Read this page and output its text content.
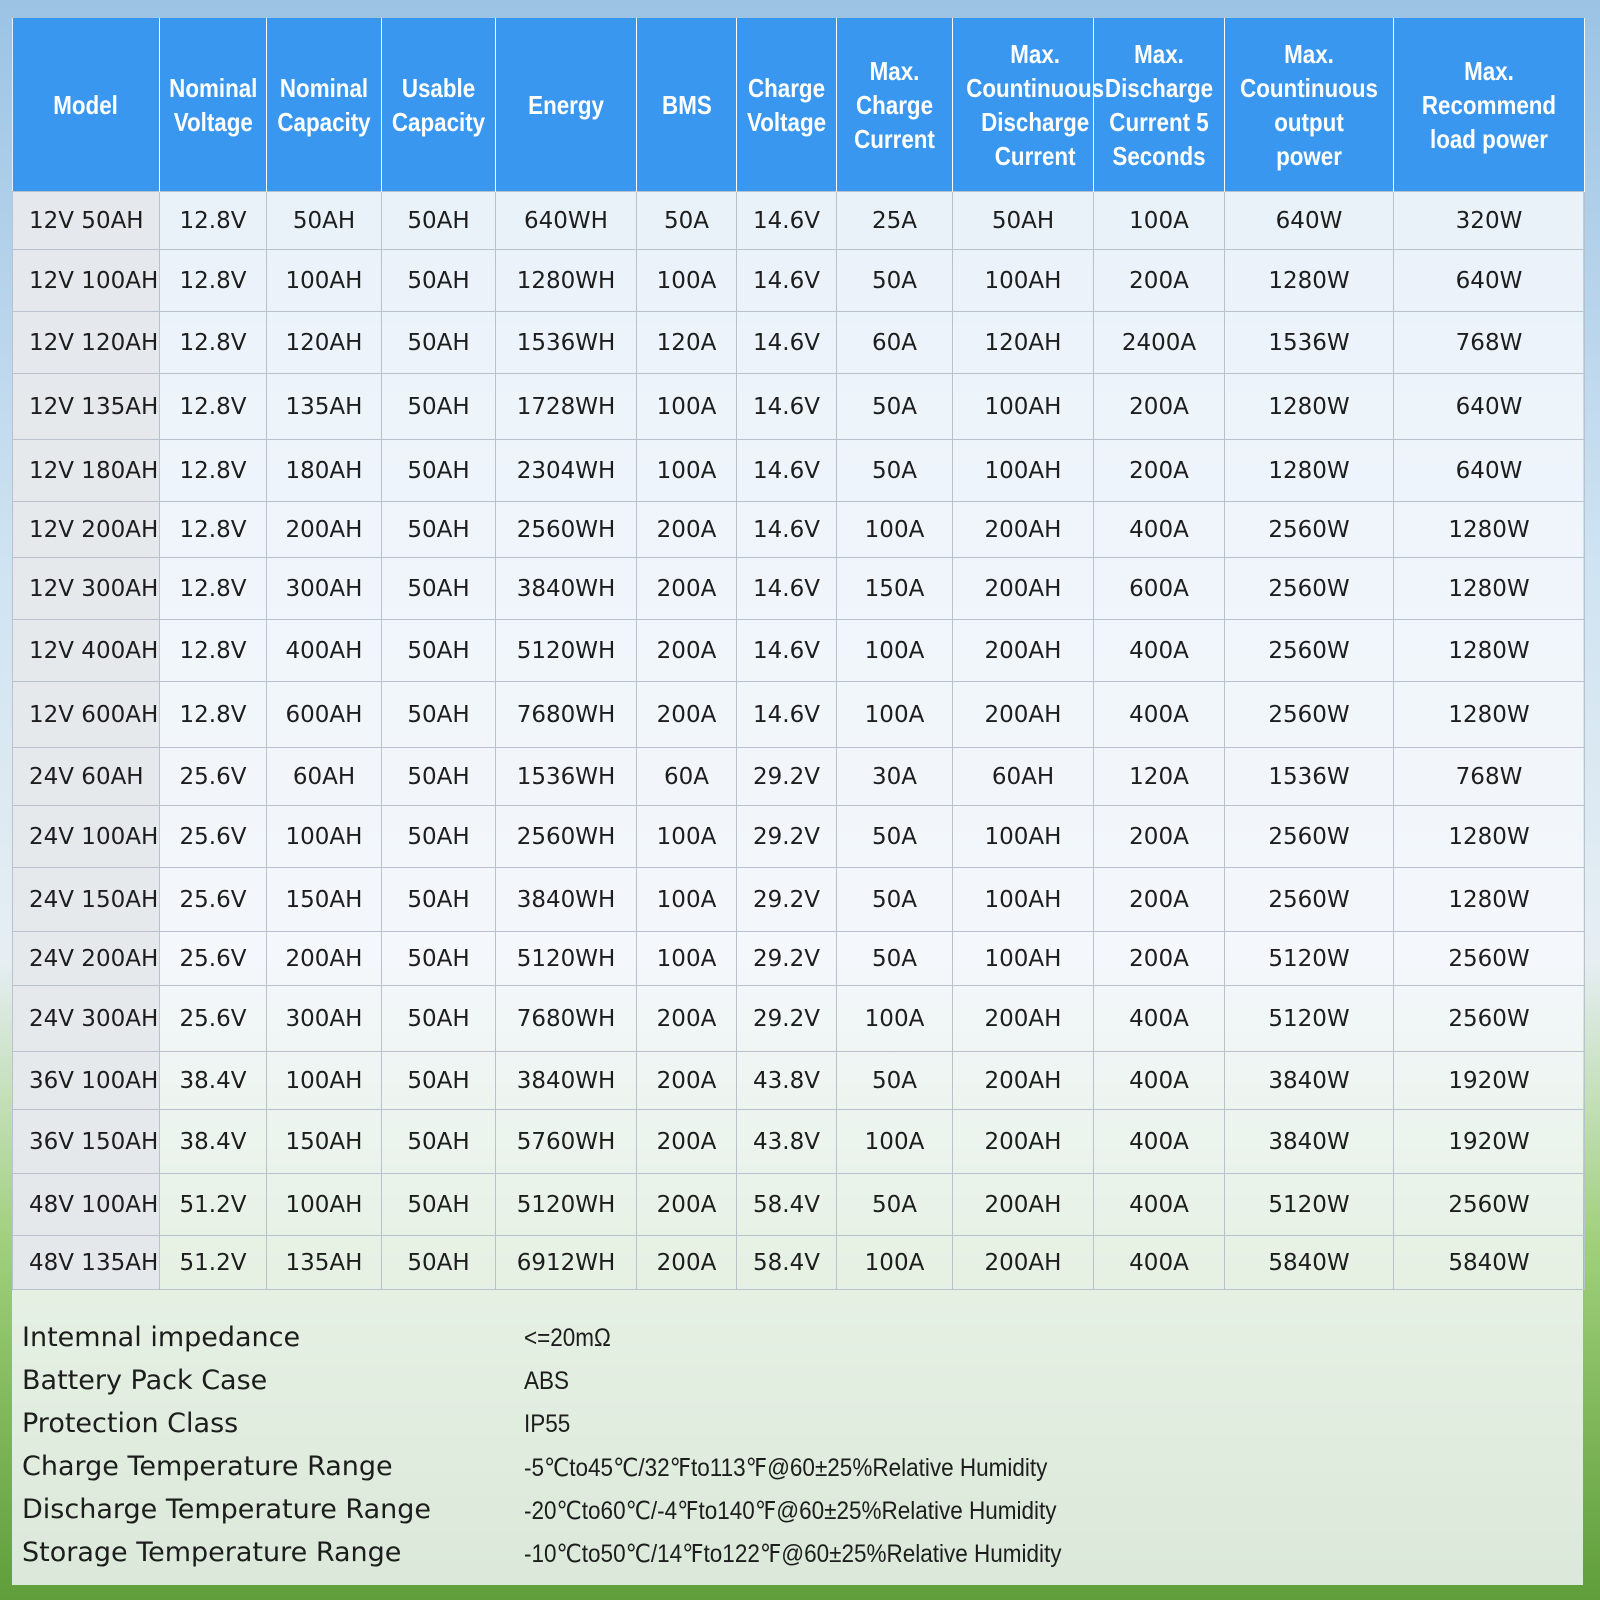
Model	Nominal Voltage	Nominal Capacity	Usable Capacity	Energy	BMS	Charge Voltage	Max. Charge Current	Max. Countinuous Discharge Current	Max. Discharge Current 5 Seconds	Max. Countinuous output power	Max. Recommend load power
12V 50AH	12.8V	50AH	50AH	640WH	50A	14.6V	25A	50AH	100A	640W	320W
12V 100AH	12.8V	100AH	50AH	1280WH	100A	14.6V	50A	100AH	200A	1280W	640W
12V 120AH	12.8V	120AH	50AH	1536WH	120A	14.6V	60A	120AH	2400A	1536W	768W
12V 135AH	12.8V	135AH	50AH	1728WH	100A	14.6V	50A	100AH	200A	1280W	640W
12V 180AH	12.8V	180AH	50AH	2304WH	100A	14.6V	50A	100AH	200A	1280W	640W
12V 200AH	12.8V	200AH	50AH	2560WH	200A	14.6V	100A	200AH	400A	2560W	1280W
12V 300AH	12.8V	300AH	50AH	3840WH	200A	14.6V	150A	200AH	600A	2560W	1280W
12V 400AH	12.8V	400AH	50AH	5120WH	200A	14.6V	100A	200AH	400A	2560W	1280W
12V 600AH	12.8V	600AH	50AH	7680WH	200A	14.6V	100A	200AH	400A	2560W	1280W
24V 60AH	25.6V	60AH	50AH	1536WH	60A	29.2V	30A	60AH	120A	1536W	768W
24V 100AH	25.6V	100AH	50AH	2560WH	100A	29.2V	50A	100AH	200A	2560W	1280W
24V 150AH	25.6V	150AH	50AH	3840WH	100A	29.2V	50A	100AH	200A	2560W	1280W
24V 200AH	25.6V	200AH	50AH	5120WH	100A	29.2V	50A	100AH	200A	5120W	2560W
24V 300AH	25.6V	300AH	50AH	7680WH	200A	29.2V	100A	200AH	400A	5120W	2560W
36V 100AH	38.4V	100AH	50AH	3840WH	200A	43.8V	50A	200AH	400A	3840W	1920W
36V 150AH	38.4V	150AH	50AH	5760WH	200A	43.8V	100A	200AH	400A	3840W	1920W
48V 100AH	51.2V	100AH	50AH	5120WH	200A	58.4V	50A	200AH	400A	5120W	2560W
48V 135AH	51.2V	135AH	50AH	6912WH	200A	58.4V	100A	200AH	400A	5840W	5840W
Intemnal impedance	<=20mΩ
Battery Pack Case	ABS
Protection Class	IP55
Charge Temperature Range	-5℃to45℃/32℉to113℉@60±25%Relative Humidity
Discharge Temperature Range	-20℃to60℃/-4℉to140℉@60±25%Relative Humidity
Storage Temperature Range	-10℃to50℃/14℉to122℉@60±25%Relative Humidity
